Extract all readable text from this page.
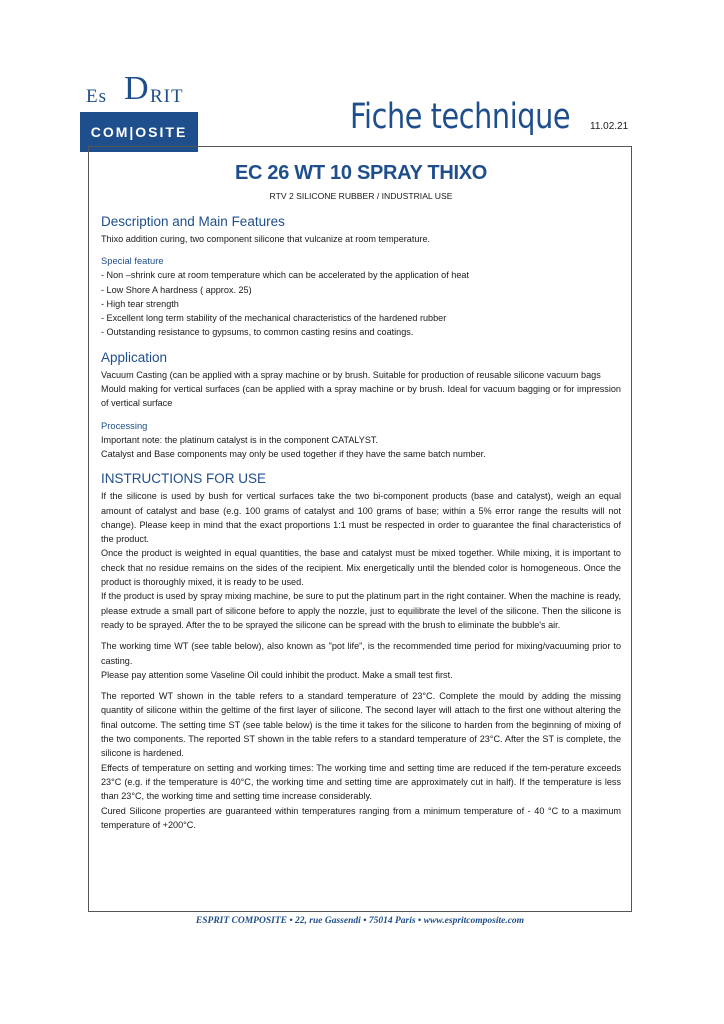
Es D RIT
COM|OSITE	Fiche technique 11.02.21
EC 26 WT 10 SPRAY THIXO
RTV 2 SILICONE RUBBER / INDUSTRIAL USE
Description and Main Features

Thixo addition curing, two component silicone that vulcanize at room temperature.

Special feature
- Non –shrink cure at room temperature which can be accelerated by the application of heat
- Low Shore A hardness ( approx. 25)
- High tear strength
- Excellent long term stability of the mechanical characteristics of the hardened rubber
- Outstanding resistance to gypsums, to common casting resins and coatings.
Application

Vacuum Casting (can be applied with a spray machine or by brush. Suitable for production of reusable silicone vacuum bags

Mould making for vertical surfaces (can be applied with a spray machine or by brush. Ideal for vacuum bagging or for impression of vertical surface

Processing

Important note: the platinum catalyst is in the component CATALYST.

Catalyst and Base components may only be used together if they have the same batch number.

INSTRUCTIONS FOR USE

If the silicone is used by bush for vertical surfaces take the two bi-component products (base and catalyst), weigh an equal amount of catalyst and base (e.g. 100 grams of catalyst and 100 grams of base; within a 5% error range the results will not change). Please keep in mind that the exact proportions 1:1 must be respected in order to guarantee the final characteristics of the product.

Once the product is weighted in equal quantities, the base and catalyst must be mixed together. While mixing, it is important to check that no residue remains on the sides of the recipient. Mix energetically until the blended color is homogeneous. Once the product is thoroughly mixed, it is ready to be used.

If the product is used by spray mixing machine, be sure to put the platinum part in the right container. When the machine is ready, please extrude a small part of silicone before to apply the nozzle, just to equilibrate the level of the silicone. Then the silicone is ready to be sprayed. After the to be sprayed the silicone can be spread with the brush to eliminate the bubble's air.

The working time WT (see table below), also known as "pot life", is the recommended time period for mixing/vacuuming prior to casting.

Please pay attention some Vaseline Oil could inhibit the product. Make a small test first.

The reported WT shown in the table refers to a standard temperature of 23°C. Complete the mould by adding the missing quantity of silicone within the geltime of the first layer of silicone. The second layer will attach to the first one without altering the final outcome. The setting time ST (see table below) is the time it takes for the silicone to harden from the beginning of mixing of the two components. The reported ST shown in the table refers to a standard temperature of 23°C. After the ST is complete, the silicone is hardened.

Effects of temperature on setting and working times: The working time and setting time are reduced if the tem-perature exceeds 23°C (e.g. if the temperature is 40°C, the working time and setting time are approximately cut in half). If the temperature is less than 23°C, the working time and setting time increase considerably.

Cured Silicone properties are guaranteed within temperatures ranging from a minimum temperature of - 40 °C to a maximum temperature of +200°C.

ESPRIT COMPOSITE • 22, rue Gassendi • 75014 Paris • www.espritcomposite.com
